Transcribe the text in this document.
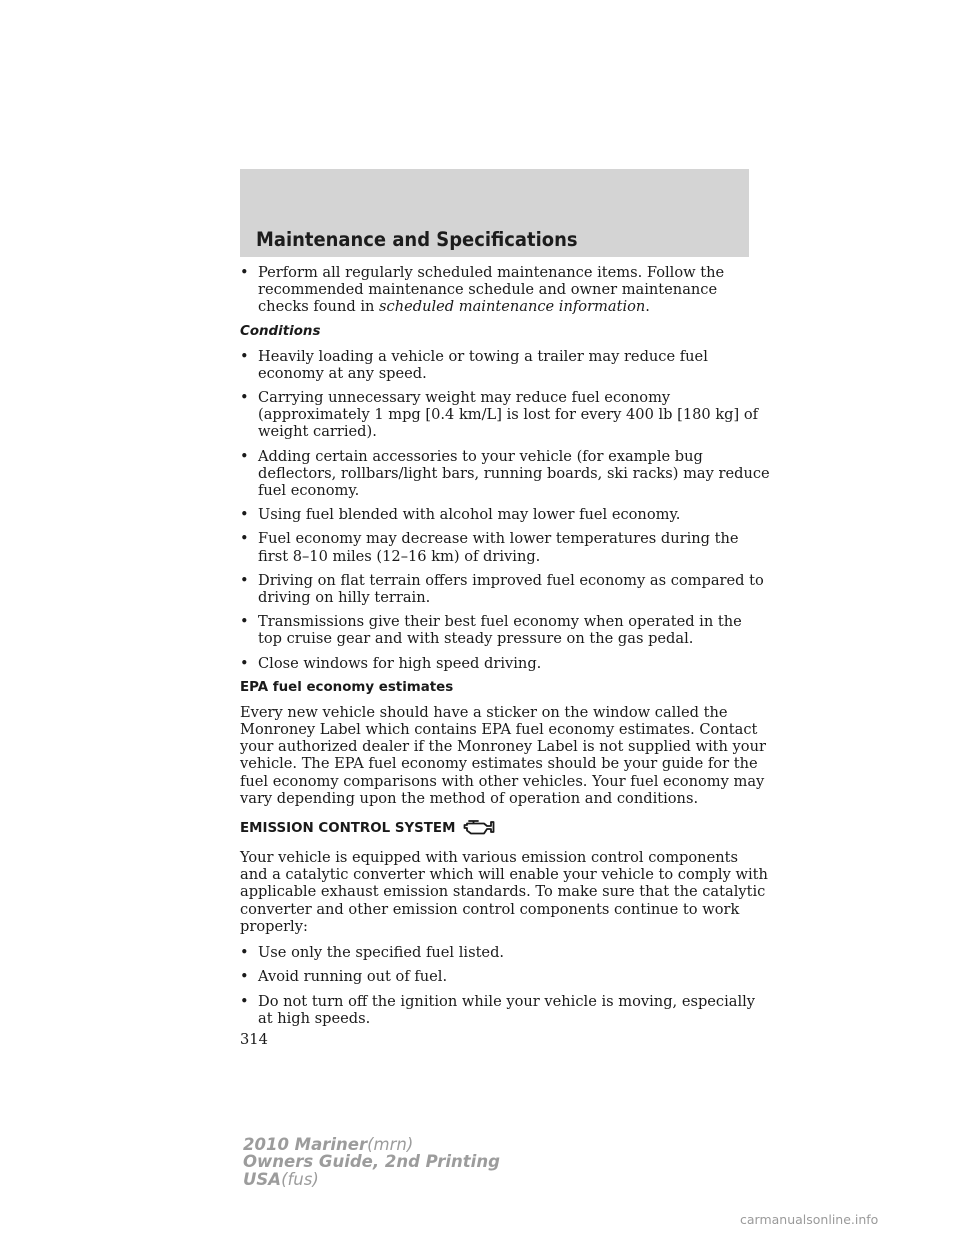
Maintenance and Specifications
• Perform all regularly scheduled maintenance items. Follow the recommended maintenance schedule and owner maintenance checks found in scheduled maintenance information.
Conditions
• Heavily loading a vehicle or towing a trailer may reduce fuel economy at any speed.
• Carrying unnecessary weight may reduce fuel economy (approximately 1 mpg [0.4 km/L] is lost for every 400 lb [180 kg] of weight carried).
• Adding certain accessories to your vehicle (for example bug deflectors, rollbars/light bars, running boards, ski racks) may reduce fuel economy.
• Using fuel blended with alcohol may lower fuel economy.
• Fuel economy may decrease with lower temperatures during the first 8–10 miles (12–16 km) of driving.
• Driving on flat terrain offers improved fuel economy as compared to driving on hilly terrain.
• Transmissions give their best fuel economy when operated in the top cruise gear and with steady pressure on the gas pedal.
• Close windows for high speed driving.
EPA fuel economy estimates

Every new vehicle should have a sticker on the window called the Monroney Label which contains EPA fuel economy estimates. Contact your authorized dealer if the Monroney Label is not supplied with your vehicle. The EPA fuel economy estimates should be your guide for the fuel economy comparisons with other vehicles. Your fuel economy may vary depending upon the method of operation and conditions.

EMISSION CONTROL SYSTEM

Your vehicle is equipped with various emission control components and a catalytic converter which will enable your vehicle to comply with applicable exhaust emission standards. To make sure that the catalytic converter and other emission control components continue to work properly:

• Use only the specified fuel listed.
• Avoid running out of fuel.
• Do not turn off the ignition while your vehicle is moving, especially at high speeds.
314
2010 Mariner(mrn)
Owners Guide, 2nd Printing
USA(fus)
carmanualsonline.info
